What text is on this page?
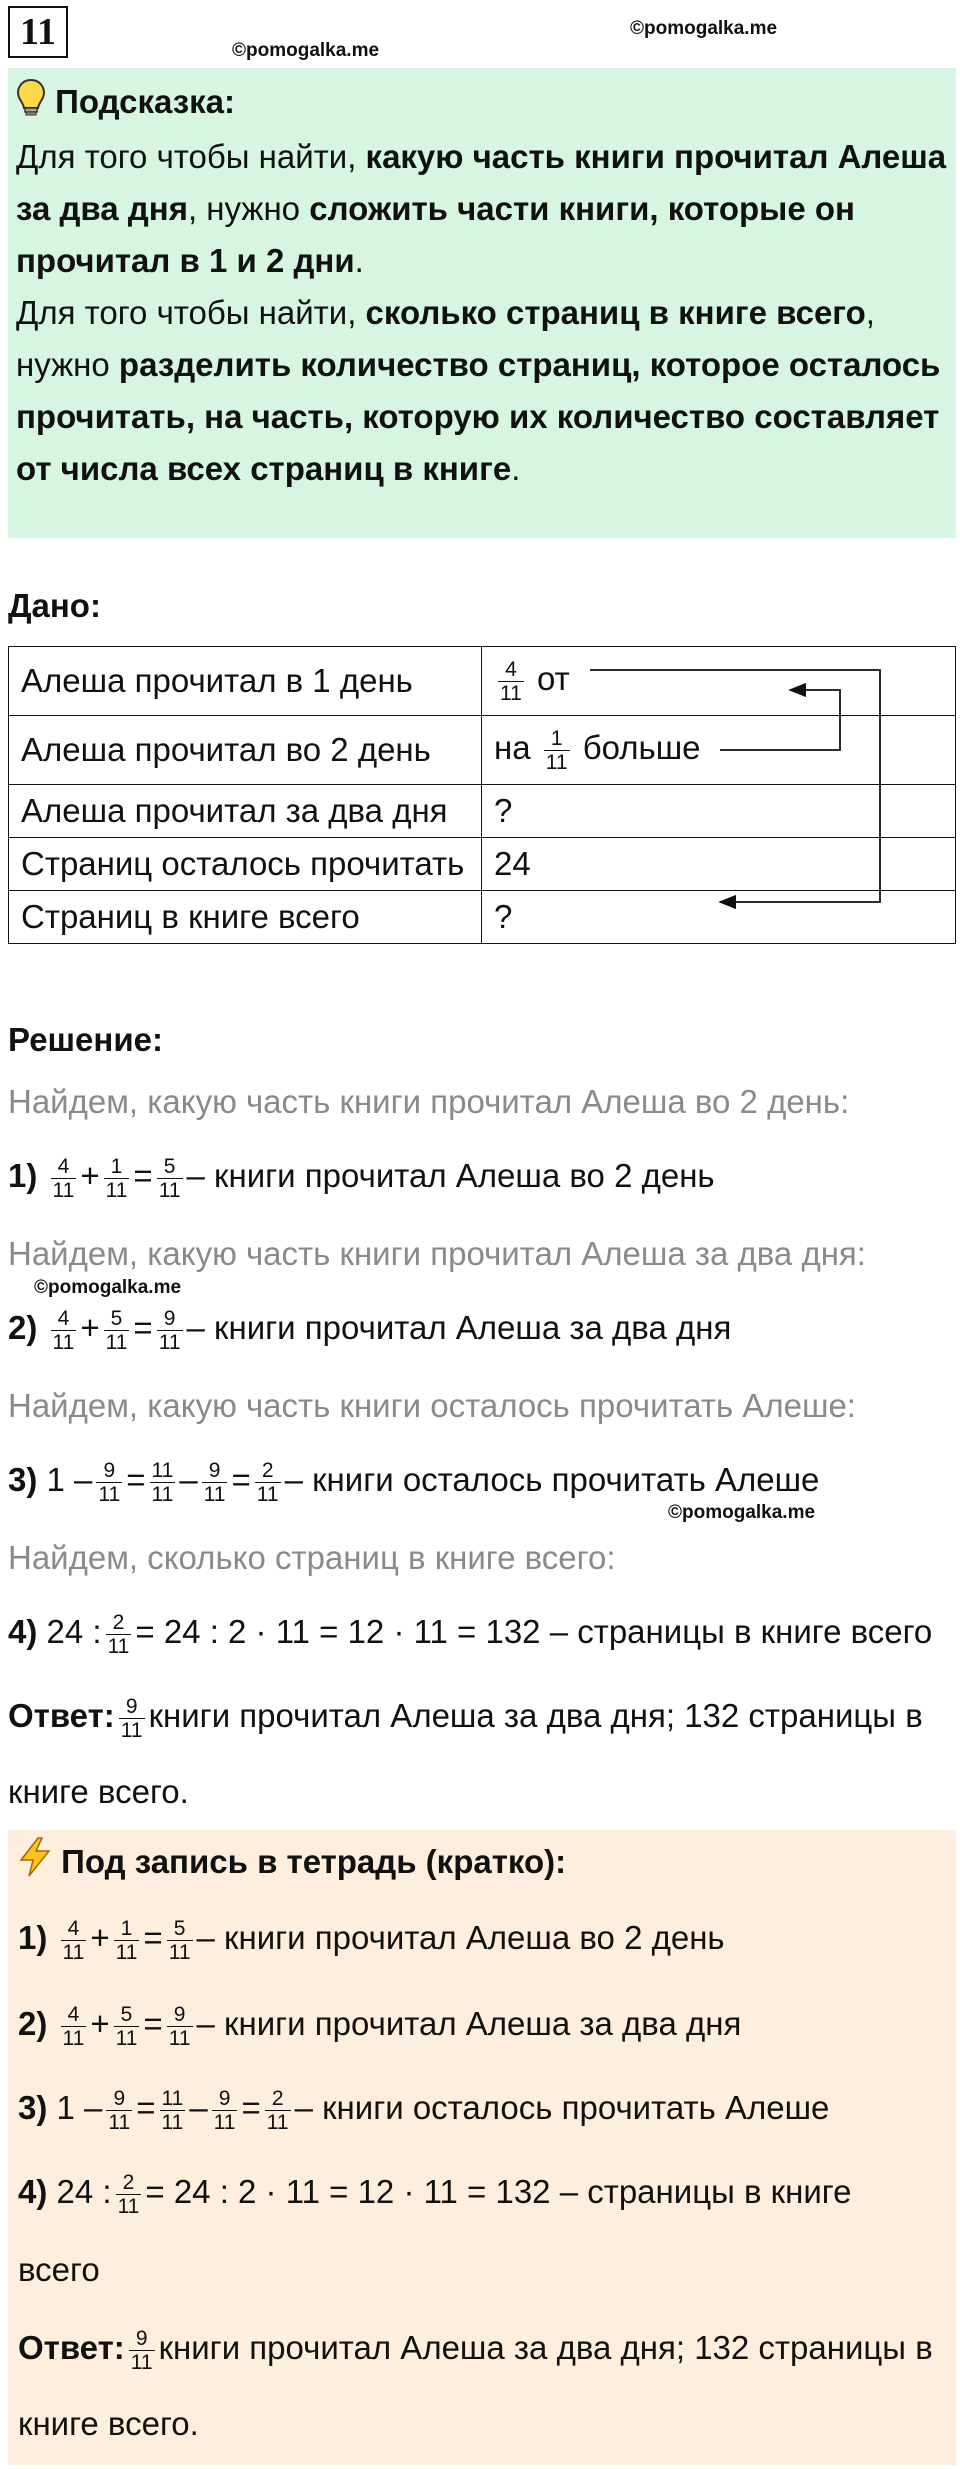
11	©pomogalka.me
©pomogalka.me
Подсказка:
Для того чтобы найти, какую часть книги прочитал Алеша за два дня, нужно сложить части книги, которые он прочитал в 1 и 2 дни.
Для того чтобы найти, сколько страниц в книге всего, нужно разделить количество страниц, которое осталось прочитать, на часть, которую их количество составляет от числа всех страниц в книге.
Дано:
Алеша прочитал в 1 день	$\frac{4}{11}$ от
Алеша прочитал во 2 день	на $\frac{1}{11}$ больше
Алеша прочитал за два дня	?
Страниц осталось прочитать	24
Страниц в книге всего	?
Решение:
Найдем, какую часть книги прочитал Алеша во 2 день:
$1) \frac{4}{11} + \frac{1}{11} = \frac{5}{11}$ – книги прочитал Алеша во 2 день
Найдем, какую часть книги прочитал Алеша за два дня:
©pomogalka.me
$2) \frac{4}{11} + \frac{5}{11} = \frac{9}{11}$ – книги прочитал Алеша за два дня
Найдем, какую часть книги осталось прочитать Алеше:
3) $1 - \frac{9}{11} = \frac{11}{11} - \frac{9}{11} = \frac{2}{11}$ – книги осталось прочитать Алеше
©pomogalka.me
Найдем, сколько страниц в книге всего:
4) 24 : $\frac{2}{11} = 24$ : 2 · 11 = 12 · 11 = 132 – страницы в книге всего
Ответ: $\frac{9}{11}$ книги прочитал Алеша за два дня; 132 страницы в
книге всего.
Под запись в тетрадь (кратко):
$1) \frac{4}{11} + \frac{1}{11} = \frac{5}{11}$ – книги прочитал Алеша во 2 день
$2) \frac{4}{11} + \frac{5}{11} = \frac{9}{11}$ – книги прочитал Алеша за два дня
3) $1 - \frac{9}{11} = \frac{11}{11} - \frac{9}{11} = \frac{2}{11}$ – книги осталось прочитать Алеше
4) 24 : $\frac{2}{11} = 24$ : 2 · 11 = 12 · 11 = 132 – страницы в книге
всего
Ответ: $\frac{9}{11}$ книги прочитал Алеша за два дня; 132 страницы в
книге всего.
